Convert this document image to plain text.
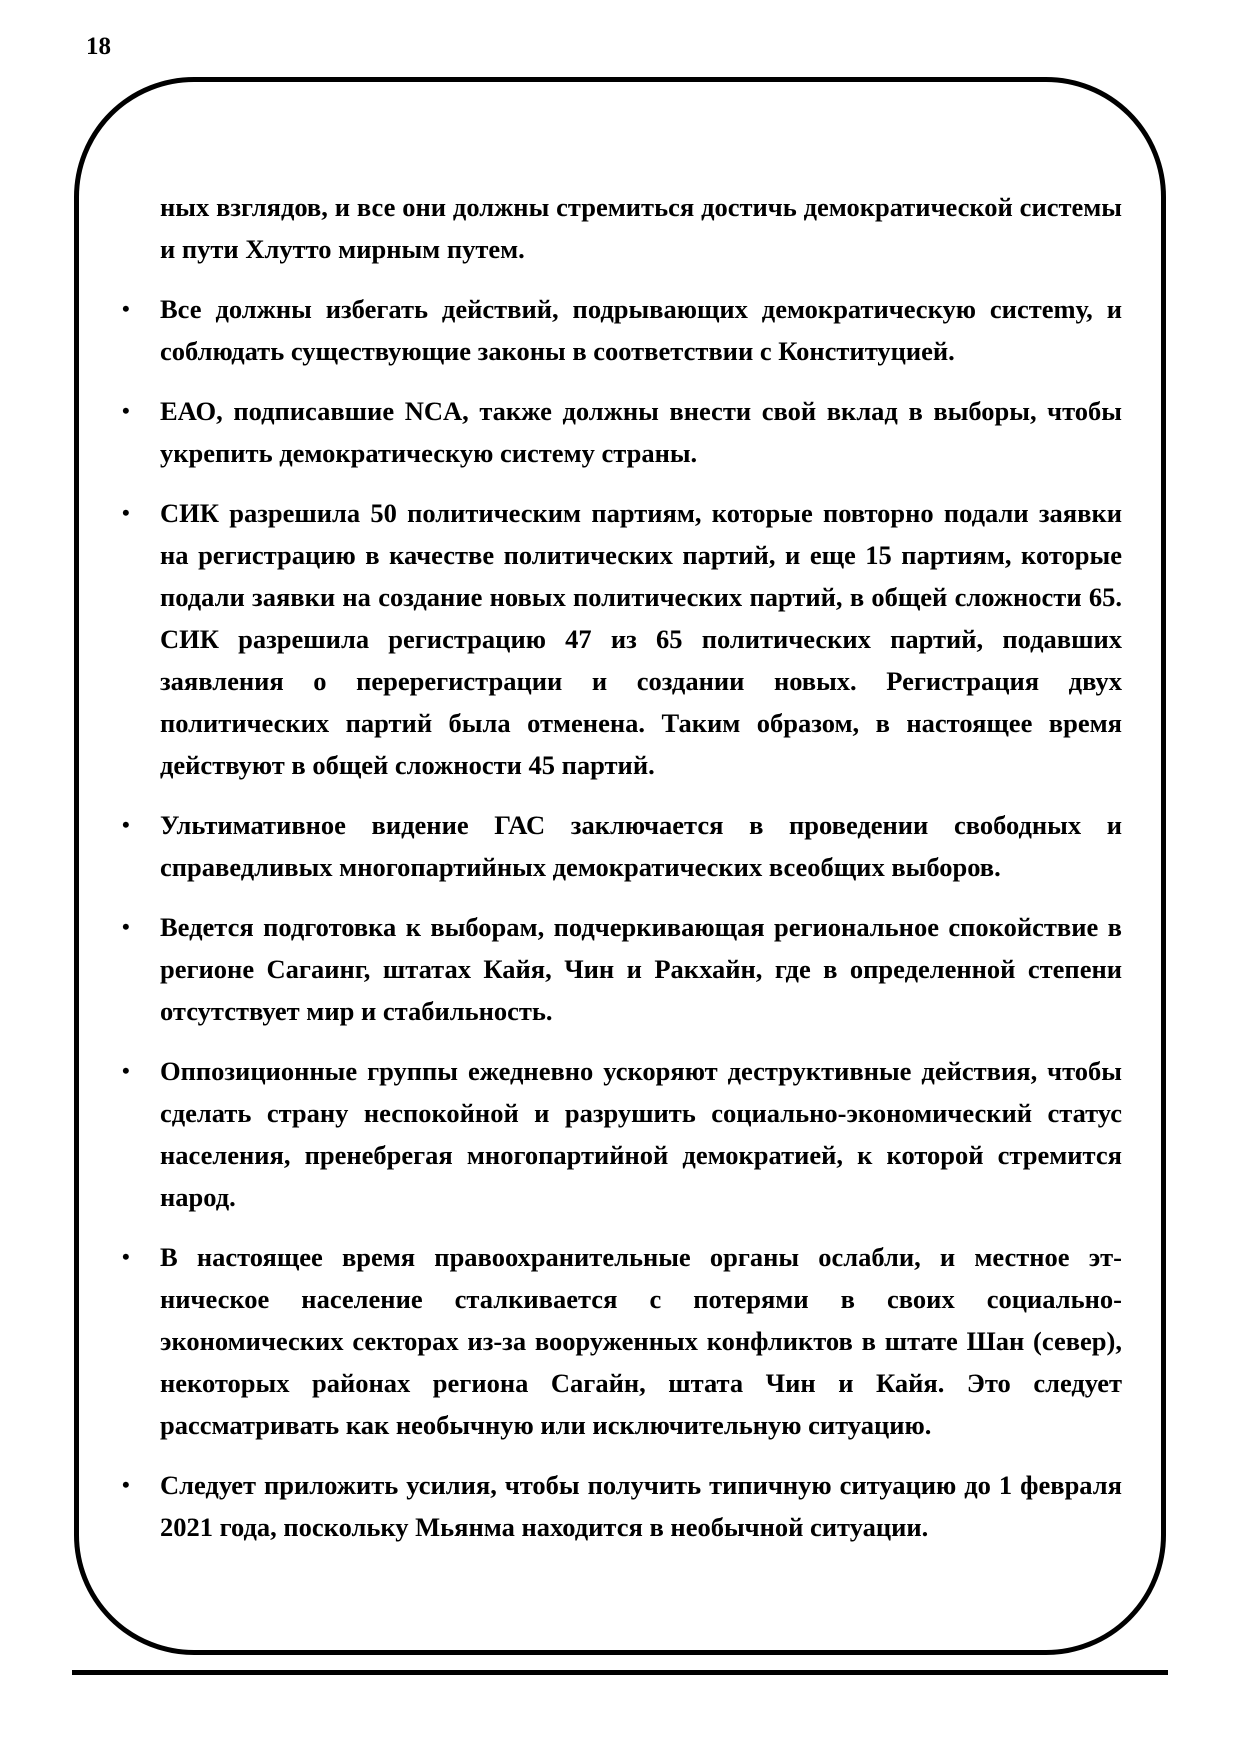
18

ных взглядов, и все они должны стремиться достичь демократической системы и пути Хлутто мирным путем.

•	Все должны избегать действий, подрывающих демократическую систеmу, и соблюдать существующие законы в соответствии с Конституцией.
•	ЕАО, подписавшие NCA, также должны внести свой вклад в выборы, чтобы укрепить демократическую систему страны.
•	СИК разрешила 50 политическим партиям, которые повторно подали заявки на регистрацию в качестве политических партий, и еще 15 партиям, которые подали заявки на создание новых политических партий, в общей сложности 65. СИК разрешила регистрацию 47 из 65 политических партий, подавших заявления о перерегистрации и создании новых. Регистрация двух политических партий была отменена. Таким образом, в настоящее время действуют в общей сложности 45 партий.
•	Ультимативное видение ГАС заключается в проведении свободных и справедливых многопартийных демократических всеобщих выборов.
•	Ведется подготовка к выборам, подчеркивающая региональное спокойствие в регионе Сагаинг, штатах Кайя, Чин и Ракхайн, где в определенной степени отсутствует мир и стабильность.
•	Оппозиционные группы ежедневно ускоряют деструктивные действия, чтобы сделать страну неспокойной и разрушить социально-экономический статус населения, пренебрегая многопартийной демократией, к которой стремится народ.
•	В настоящее время правоохранительные органы ослабли, и местное этническое население сталкивается с потерями в своих социально-экономических секторах из-за вооруженных конфликтов в штате Шан (север), некоторых районах региона Сагайн, штата Чин и Кайя. Это следует рассматривать как необычную или исключительную ситуацию.
•	Следует приложить усилия, чтобы получить типичную ситуацию до 1 февраля 2021 года, поскольку Мьянма находится в необычной ситуации.
